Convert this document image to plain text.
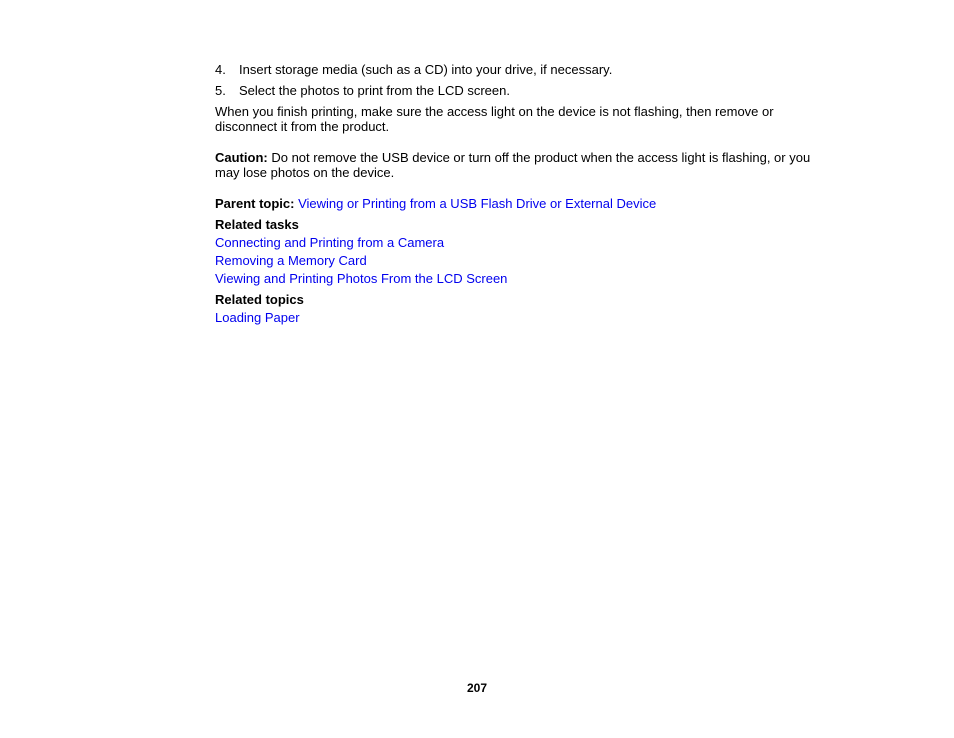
4. Insert storage media (such as a CD) into your drive, if necessary.
5. Select the photos to print from the LCD screen.

When you finish printing, make sure the access light on the device is not flashing, then remove or disconnect it from the product.

Caution: Do not remove the USB device or turn off the product when the access light is flashing, or you may lose photos on the device.

Parent topic: Viewing or Printing from a USB Flash Drive or External Device

Related tasks
Connecting and Printing from a Camera
Removing a Memory Card
Viewing and Printing Photos From the LCD Screen
Related topics
Loading Paper
207
